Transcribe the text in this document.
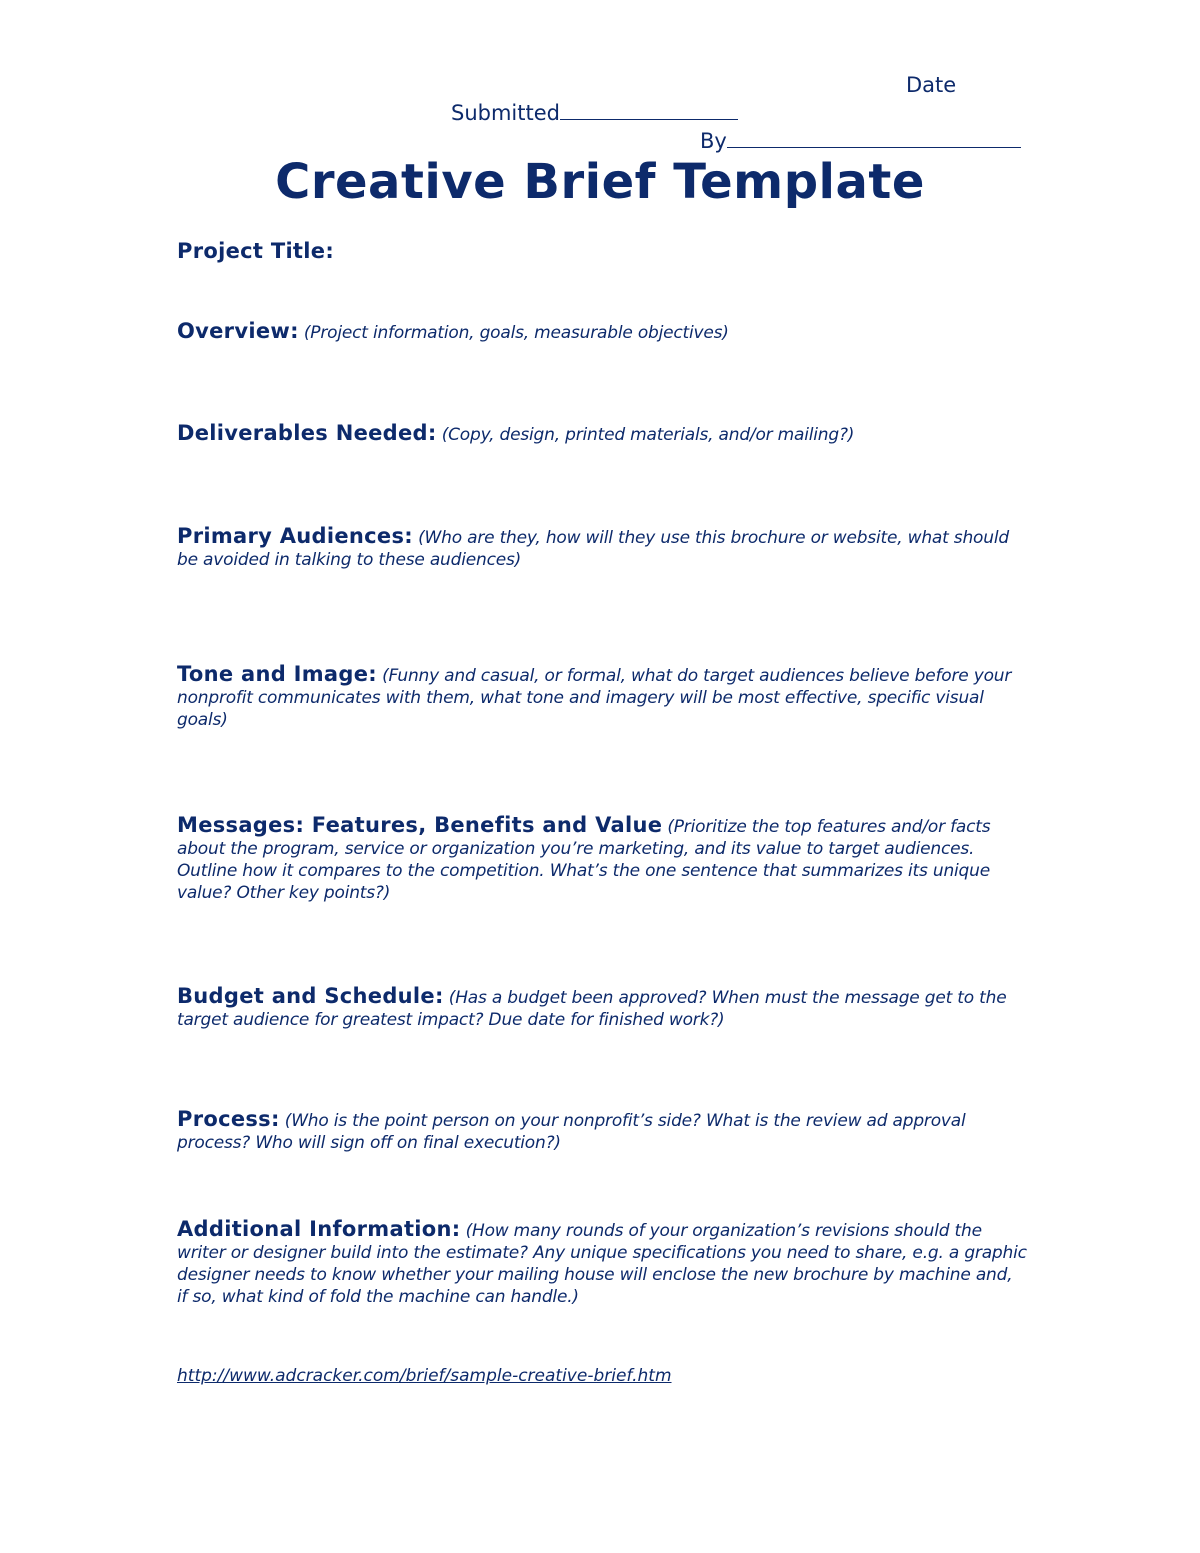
Date
Submitted
By
Creative Brief Template

Project Title:

Overview: (Project information, goals, measurable objectives)

Deliverables Needed: (Copy, design, printed materials, and/or mailing?)

Primary Audiences: (Who are they, how will they use this brochure or website, what should be avoided in talking to these audiences)

Tone and Image: (Funny and casual, or formal, what do target audiences believe before your nonprofit communicates with them, what tone and imagery will be most effective, specific visual goals)

Messages: Features, Benefits and Value (Prioritize the top features and/or facts about the program, service or organization you’re marketing, and its value to target audiences. Outline how it compares to the competition. What’s the one sentence that summarizes its unique value? Other key points?)

Budget and Schedule: (Has a budget been approved? When must the message get to the target audience for greatest impact? Due date for finished work?)

Process: (Who is the point person on your nonprofit’s side? What is the review ad approval process? Who will sign off on final execution?)

Additional Information: (How many rounds of your organization’s revisions should the writer or designer build into the estimate? Any unique specifications you need to share, e.g. a graphic designer needs to know whether your mailing house will enclose the new brochure by machine and, if so, what kind of fold the machine can handle.)

http://www.adcracker.com/brief/sample-creative-brief.htm
